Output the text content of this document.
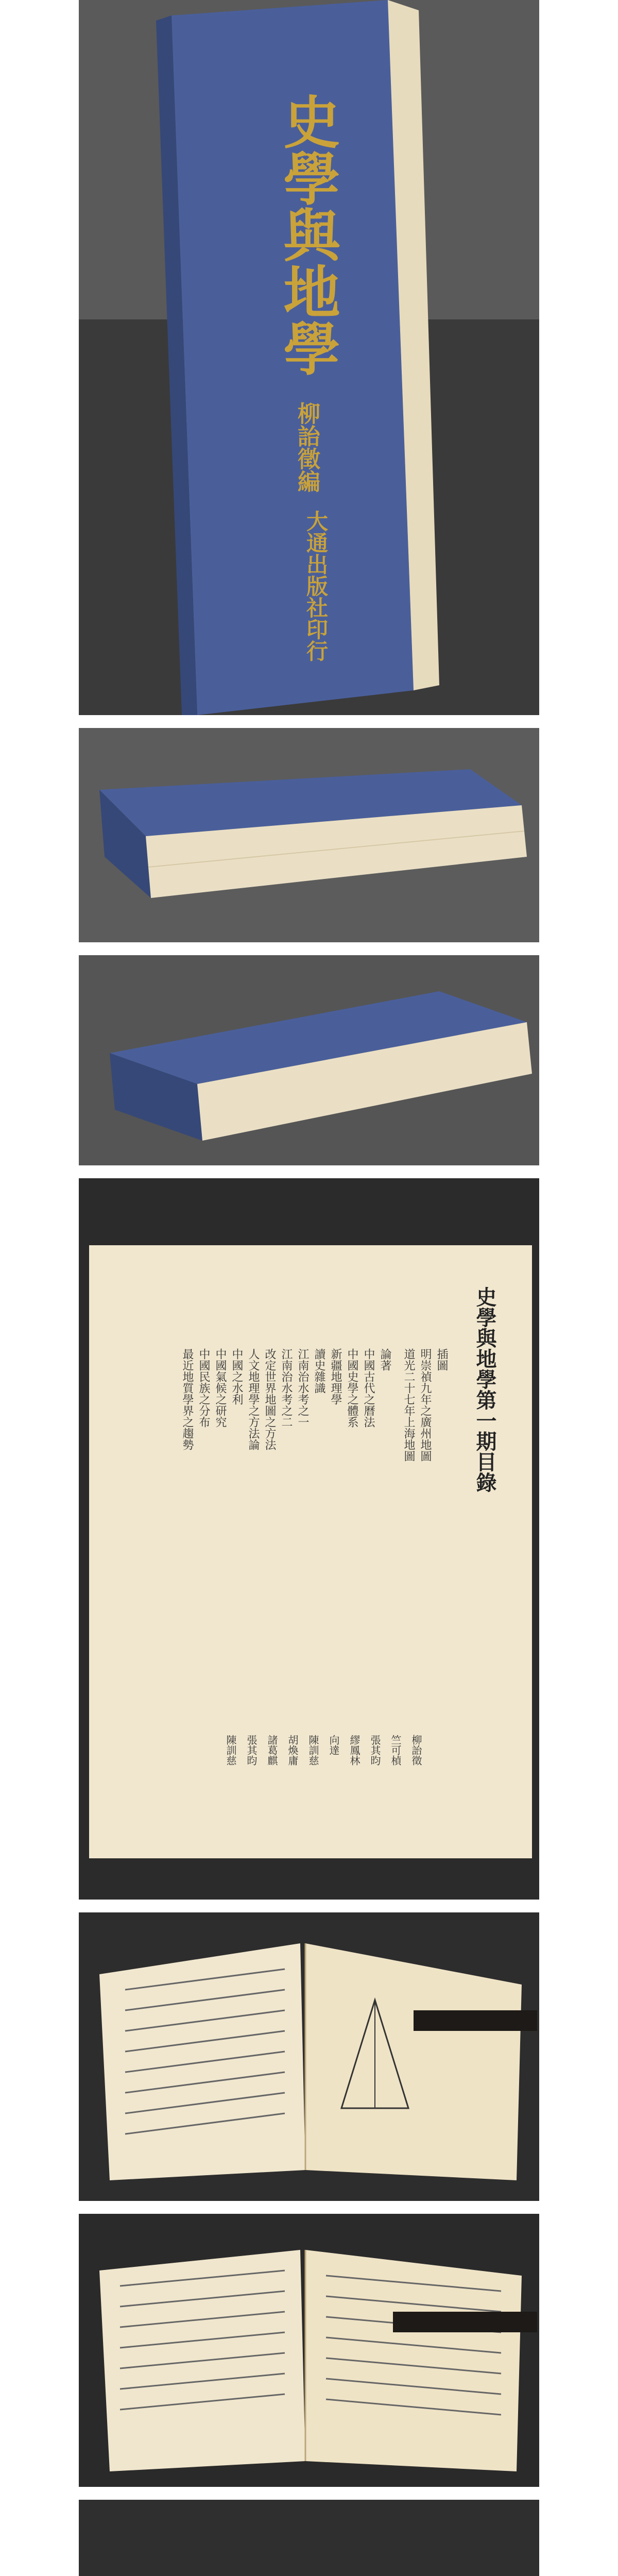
史學與地學
柳詒徵編
大通出版社印行
史學與地學第一期目錄
插圖
　明崇禎九年之廣州地圖
　道光二十七年上海地圖
論著
中國古代之曆法
中國史學之體系
新疆地理學
讀史雜識
江南治水考之一
江南治水考之二
改定世界地圖之方法
人文地理學之方法論
中國之水利
中國氣候之研究
中國民族之分布
最近地質學界之趨勢
柳詒徵
竺可楨
張其昀
繆鳳林
向達
陳訓慈
胡煥庸
諸葛麒
張其昀
陳訓慈
